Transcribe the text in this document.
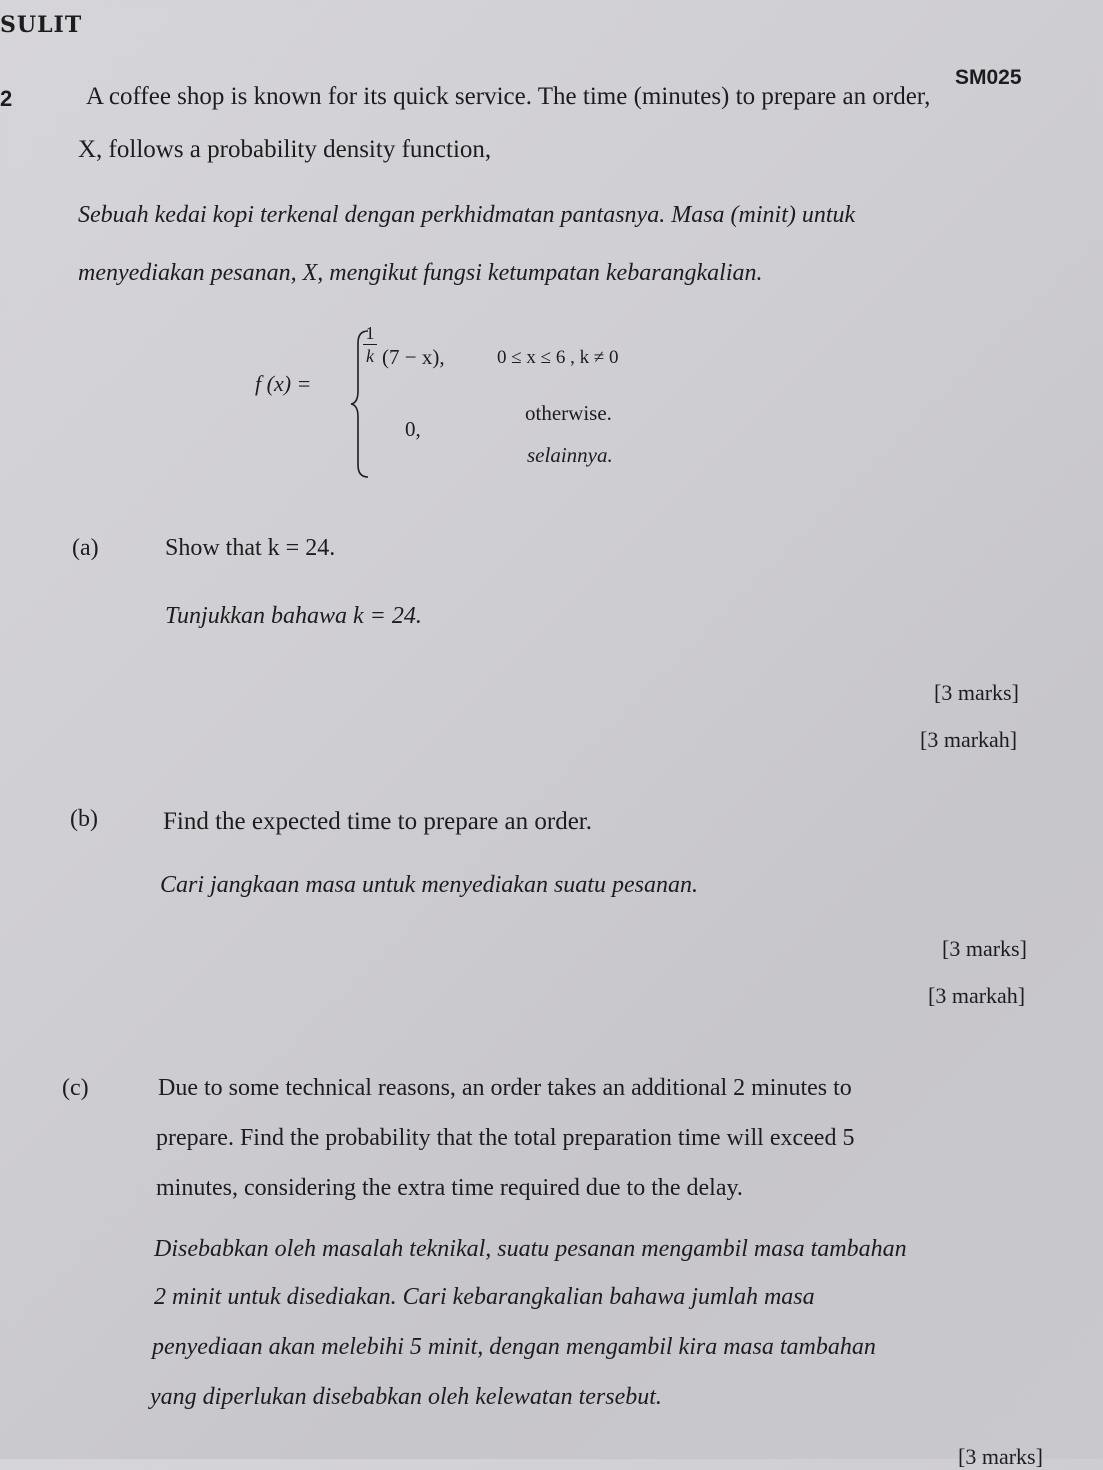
SULIT
SM025
2	A coffee shop is known for its quick service. The time (minutes) to prepare an order,
X, follows a probability density function,
Sebuah kedai kopi terkenal dengan perkhidmatan pantasnya. Masa (minit) untuk
menyediakan pesanan, X, mengikut fungsi ketumpatan kebarangkalian.
f (x) =
1
k (7 − x),	0 ≤ x ≤ 6 , k ≠ 0
0,
otherwise.
selainnya.
(a)	Show that k = 24.
Tunjukkan bahawa k = 24.
[3 marks]
[3 markah]
(b)	Find the expected time to prepare an order.
Cari jangkaan masa untuk menyediakan suatu pesanan.
[3 marks]
[3 markah]
(c)	Due to some technical reasons, an order takes an additional 2 minutes to
prepare. Find the probability that the total preparation time will exceed 5
minutes, considering the extra time required due to the delay.
Disebabkan oleh masalah teknikal, suatu pesanan mengambil masa tambahan
2 minit untuk disediakan. Cari kebarangkalian bahawa jumlah masa
penyediaan akan melebihi 5 minit, dengan mengambil kira masa tambahan
yang diperlukan disebabkan oleh kelewatan tersebut.
[3 marks]
